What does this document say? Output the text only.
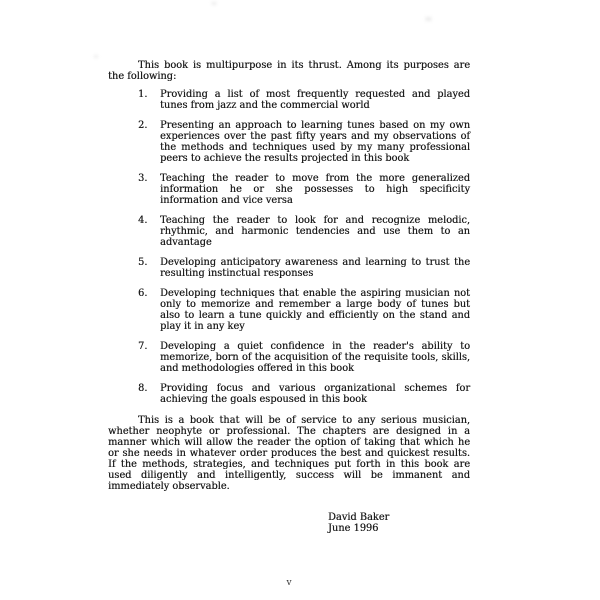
This book is multipurpose in its thrust. Among its purposes are the following:

1. Providing a list of most frequently requested and played tunes from jazz and the commercial world
2. Presenting an approach to learning tunes based on my own experiences over the past fifty years and my observations of the methods and techniques used by my many professional peers to achieve the results projected in this book
3. Teaching the reader to move from the more generalized information he or she possesses to high specificity information and vice versa
4. Teaching the reader to look for and recognize melodic, rhythmic, and harmonic tendencies and use them to an advantage
5. Developing anticipatory awareness and learning to trust the resulting instinctual responses
6. Developing techniques that enable the aspiring musician not only to memorize and remember a large body of tunes but also to learn a tune quickly and efficiently on the stand and play it in any key
7. Developing a quiet confidence in the reader's ability to memorize, born of the acquisition of the requisite tools, skills, and methodologies offered in this book
8. Providing focus and various organizational schemes for achieving the goals espoused in this book

This is a book that will be of service to any serious musician, whether neophyte or professional. The chapters are designed in a manner which will allow the reader the option of taking that which he or she needs in whatever order produces the best and quickest results. If the methods, strategies, and techniques put forth in this book are used diligently and intelligently, success will be immanent and immediately observable.

David Baker
June 1996
v
